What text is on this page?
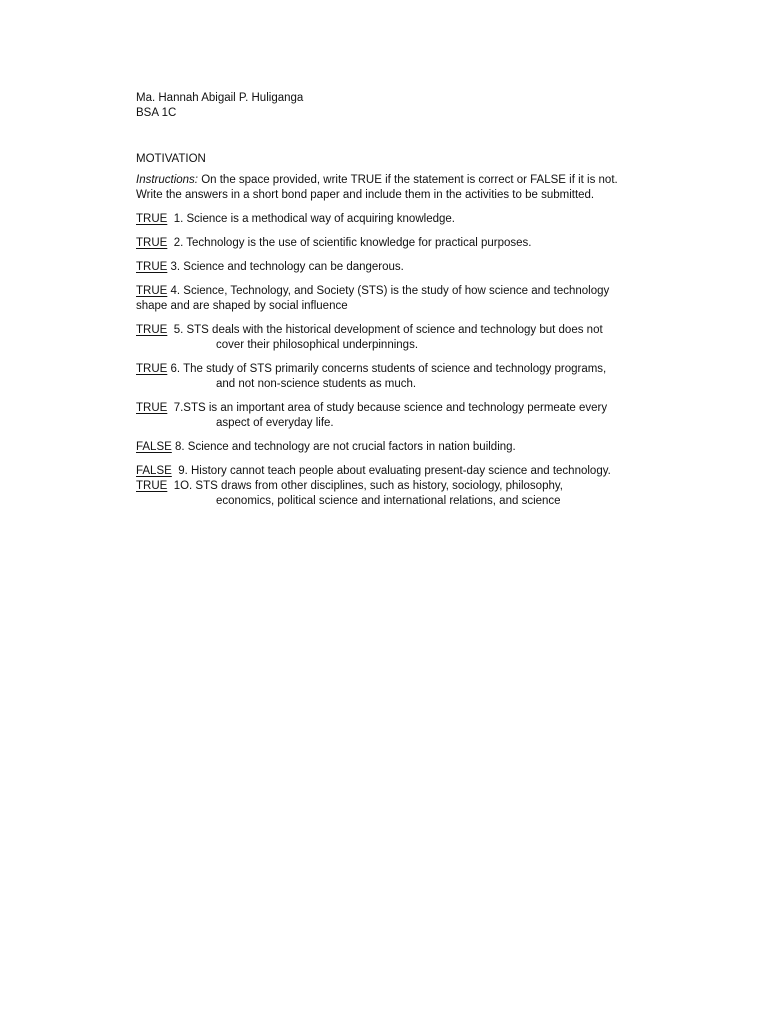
Ma. Hannah Abigail P. Huliganga
BSA 1C
MOTIVATION
Instructions: On the space provided, write TRUE if the statement is correct or FALSE if it is not.
Write the answers in a short bond paper and include them in the activities to be submitted.
TRUE  1. Science is a methodical way of acquiring knowledge.
TRUE  2. Technology is the use of scientific knowledge for practical purposes.
TRUE 3. Science and technology can be dangerous.
TRUE 4. Science, Technology, and Society (STS) is the study of how science and technology
shape and are shaped by social influence
TRUE  5. STS deals with the historical development of science and technology but does not
cover their philosophical underpinnings.
TRUE 6. The study of STS primarily concerns students of science and technology programs,
and not non-science students as much.
TRUE  7.STS is an important area of study because science and technology permeate every
aspect of everyday life.
FALSE 8. Science and technology are not crucial factors in nation building.
FALSE  9. History cannot teach people about evaluating present-day science and technology.
TRUE  1O. STS draws from other disciplines, such as history, sociology, philosophy,
economics, political science and international relations, and science
